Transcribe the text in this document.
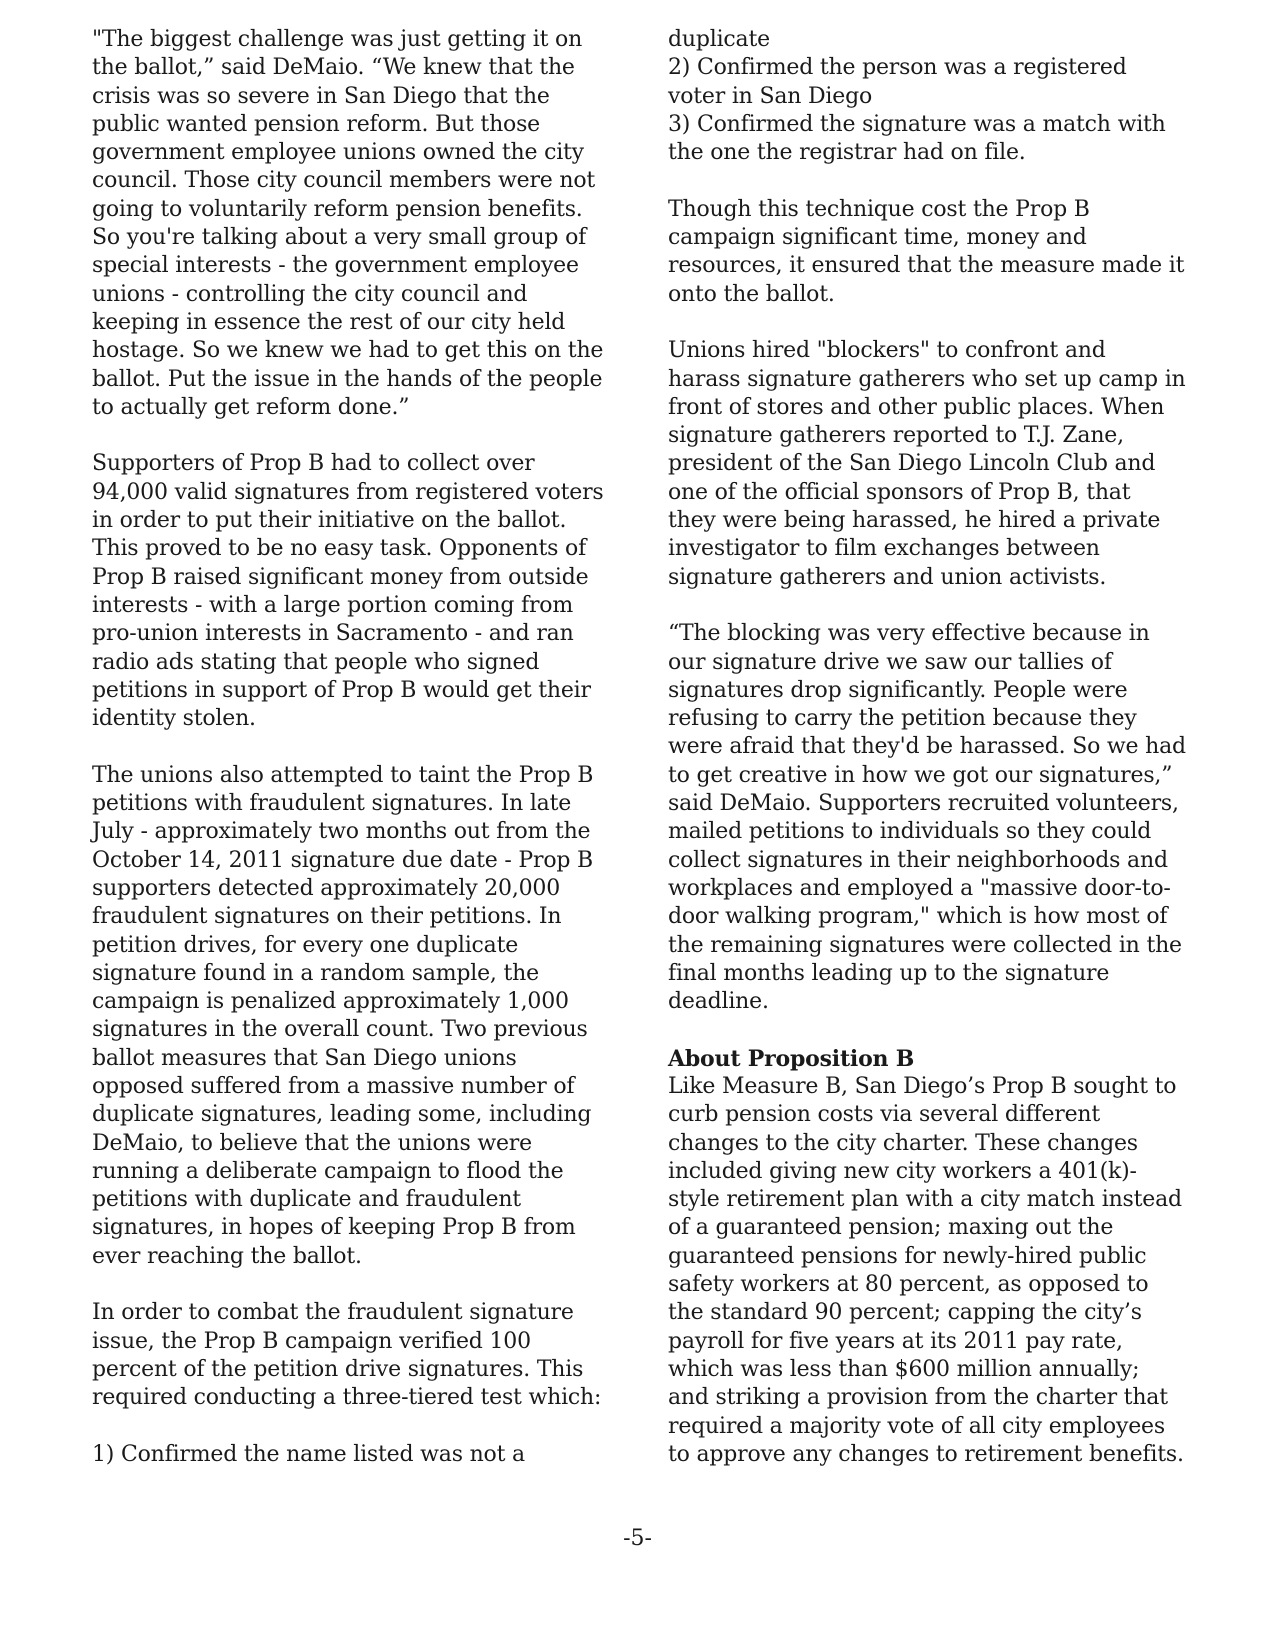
"The biggest challenge was just getting it on
the ballot,” said DeMaio. “We knew that the
crisis was so severe in San Diego that the
public wanted pension reform. But those
government employee unions owned the city
council. Those city council members were not
going to voluntarily reform pension benefits.
So you're talking about a very small group of
special interests - the government employee
unions - controlling the city council and
keeping in essence the rest of our city held
hostage. So we knew we had to get this on the
ballot. Put the issue in the hands of the people
to actually get reform done.”
Supporters of Prop B had to collect over
94,000 valid signatures from registered voters
in order to put their initiative on the ballot.
This proved to be no easy task. Opponents of
Prop B raised significant money from outside
interests - with a large portion coming from
pro-union interests in Sacramento - and ran
radio ads stating that people who signed
petitions in support of Prop B would get their
identity stolen.
The unions also attempted to taint the Prop B
petitions with fraudulent signatures. In late
July - approximately two months out from the
October 14, 2011 signature due date - Prop B
supporters detected approximately 20,000
fraudulent signatures on their petitions. In
petition drives, for every one duplicate
signature found in a random sample, the
campaign is penalized approximately 1,000
signatures in the overall count. Two previous
ballot measures that San Diego unions
opposed suffered from a massive number of
duplicate signatures, leading some, including
DeMaio, to believe that the unions were
running a deliberate campaign to flood the
petitions with duplicate and fraudulent
signatures, in hopes of keeping Prop B from
ever reaching the ballot.
In order to combat the fraudulent signature
issue, the Prop B campaign verified 100
percent of the petition drive signatures. This
required conducting a three-tiered test which:
1) Confirmed the name listed was not a
duplicate
2) Confirmed the person was a registered
voter in San Diego
3) Confirmed the signature was a match with
the one the registrar had on file.
Though this technique cost the Prop B
campaign significant time, money and
resources, it ensured that the measure made it
onto the ballot.
Unions hired "blockers" to confront and
harass signature gatherers who set up camp in
front of stores and other public places. When
signature gatherers reported to T.J. Zane,
president of the San Diego Lincoln Club and
one of the official sponsors of Prop B, that
they were being harassed, he hired a private
investigator to film exchanges between
signature gatherers and union activists.
“The blocking was very effective because in
our signature drive we saw our tallies of
signatures drop significantly. People were
refusing to carry the petition because they
were afraid that they'd be harassed. So we had
to get creative in how we got our signatures,”
said DeMaio. Supporters recruited volunteers,
mailed petitions to individuals so they could
collect signatures in their neighborhoods and
workplaces and employed a "massive door-to-
door walking program," which is how most of
the remaining signatures were collected in the
final months leading up to the signature
deadline.
About Proposition B
Like Measure B, San Diego’s Prop B sought to
curb pension costs via several different
changes to the city charter. These changes
included giving new city workers a 401(k)-
style retirement plan with a city match instead
of a guaranteed pension; maxing out the
guaranteed pensions for newly-hired public
safety workers at 80 percent, as opposed to
the standard 90 percent; capping the city’s
payroll for five years at its 2011 pay rate,
which was less than $600 million annually;
and striking a provision from the charter that
required a majority vote of all city employees
to approve any changes to retirement benefits.
-5-
